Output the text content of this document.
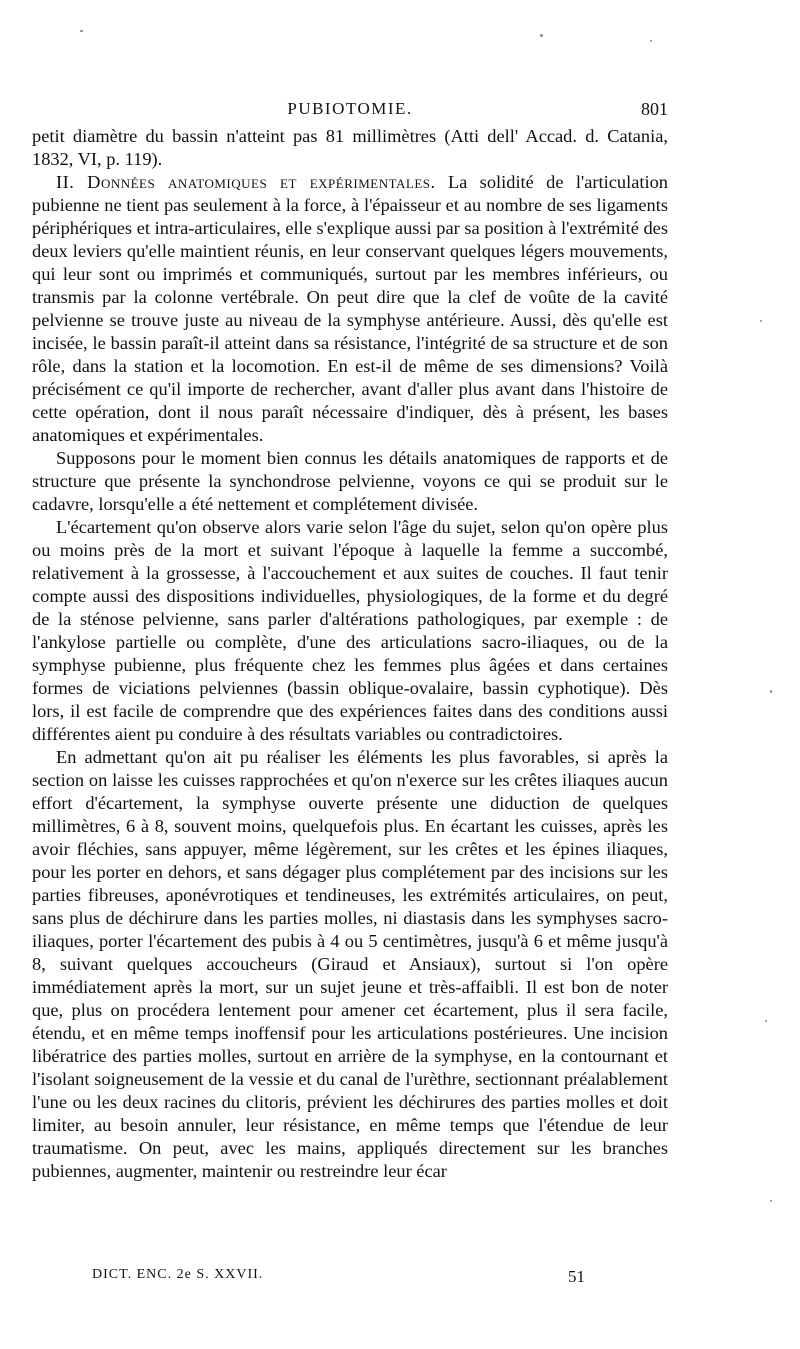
PUBIOTOMIE.	801

petit diamètre du bassin n'atteint pas 81 millimètres (Atti dell' Accad. d. Catania, 1832, VI, p. 119).

II. Données anatomiques et expérimentales. La solidité de l'articulation pubienne ne tient pas seulement à la force, à l'épaisseur et au nombre de ses ligaments périphériques et intra-articulaires, elle s'explique aussi par sa position à l'extrémité des deux leviers qu'elle maintient réunis, en leur conservant quelques légers mouvements, qui leur sont ou imprimés et communiqués, surtout par les membres inférieurs, ou transmis par la colonne vertébrale. On peut dire que la clef de voûte de la cavité pelvienne se trouve juste au niveau de la symphyse antérieure. Aussi, dès qu'elle est incisée, le bassin paraît-il atteint dans sa résistance, l'intégrité de sa structure et de son rôle, dans la station et la locomotion. En est-il de même de ses dimensions? Voilà précisément ce qu'il importe de rechercher, avant d'aller plus avant dans l'histoire de cette opération, dont il nous paraît nécessaire d'indiquer, dès à présent, les bases anatomiques et expérimentales.

Supposons pour le moment bien connus les détails anatomiques de rapports et de structure que présente la synchondrose pelvienne, voyons ce qui se produit sur le cadavre, lorsqu'elle a été nettement et complétement divisée.

L'écartement qu'on observe alors varie selon l'âge du sujet, selon qu'on opère plus ou moins près de la mort et suivant l'époque à laquelle la femme a succombé, relativement à la grossesse, à l'accouchement et aux suites de couches. Il faut tenir compte aussi des dispositions individuelles, physiologiques, de la forme et du degré de la sténose pelvienne, sans parler d'altérations pathologiques, par exemple : de l'ankylose partielle ou complète, d'une des articulations sacro-iliaques, ou de la symphyse pubienne, plus fréquente chez les femmes plus âgées et dans certaines formes de viciations pelviennes (bassin oblique-ovalaire, bassin cyphotique). Dès lors, il est facile de comprendre que des expériences faites dans des conditions aussi différentes aient pu conduire à des résultats variables ou contradictoires.

En admettant qu'on ait pu réaliser les éléments les plus favorables, si après la section on laisse les cuisses rapprochées et qu'on n'exerce sur les crêtes iliaques aucun effort d'écartement, la symphyse ouverte présente une diduction de quelques millimètres, 6 à 8, souvent moins, quelquefois plus. En écartant les cuisses, après les avoir fléchies, sans appuyer, même légèrement, sur les crêtes et les épines iliaques, pour les porter en dehors, et sans dégager plus complétement par des incisions sur les parties fibreuses, aponévrotiques et tendineuses, les extrémités articulaires, on peut, sans plus de déchirure dans les parties molles, ni diastasis dans les symphyses sacro-iliaques, porter l'écartement des pubis à 4 ou 5 centimètres, jusqu'à 6 et même jusqu'à 8, suivant quelques accoucheurs (Giraud et Ansiaux), surtout si l'on opère immédiatement après la mort, sur un sujet jeune et très-affaibli. Il est bon de noter que, plus on procédera lentement pour amener cet écartement, plus il sera facile, étendu, et en même temps inoffensif pour les articulations postérieures. Une incision libératrice des parties molles, surtout en arrière de la symphyse, en la contournant et l'isolant soigneusement de la vessie et du canal de l'urèthre, sectionnant préalablement l'une ou les deux racines du clitoris, prévient les déchirures des parties molles et doit limiter, au besoin annuler, leur résistance, en même temps que l'étendue de leur traumatisme. On peut, avec les mains, appliqués directement sur les branches pubiennes, augmenter, maintenir ou restreindre leur écar

DICT. ENC. 2e S. XXVII.	51
